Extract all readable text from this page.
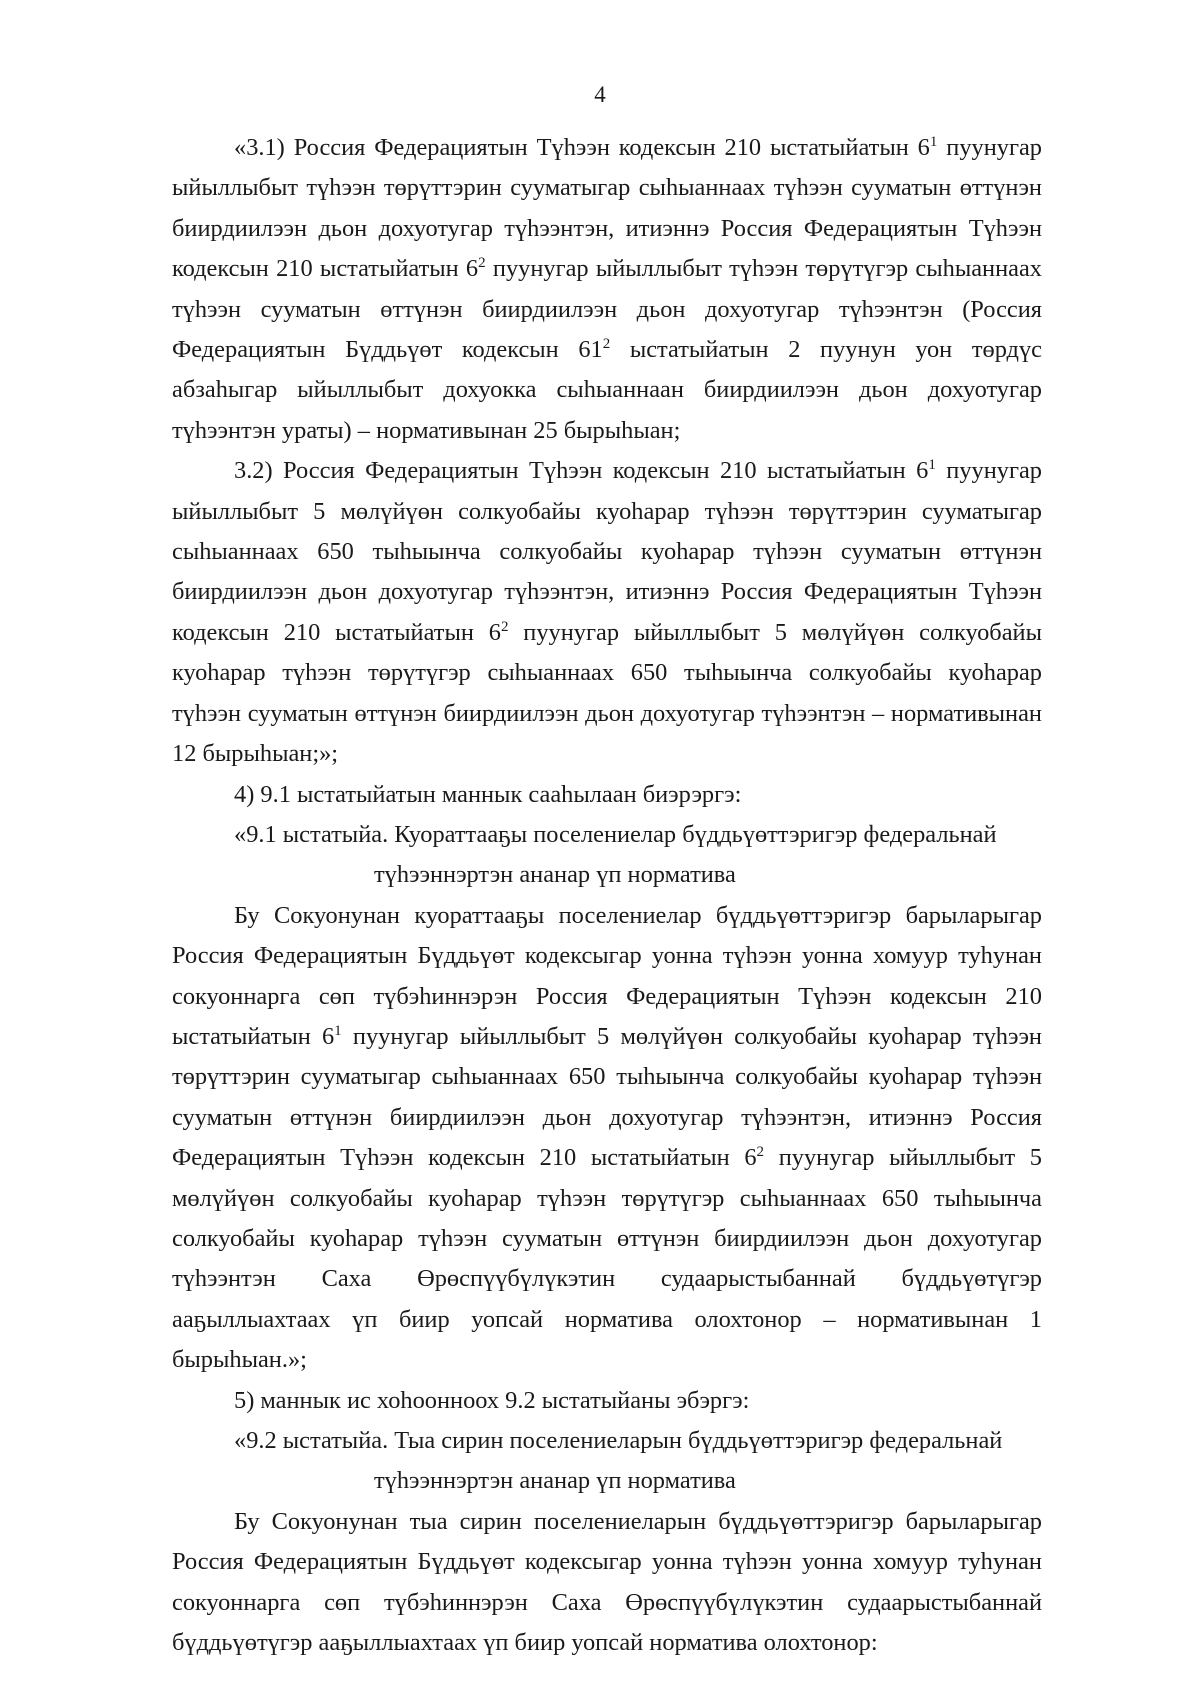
4

«3.1) Россия Федерациятын Түһээн кодексын 210 ыстатыйатын $6^1$ пуунугар ыйыллыбыт түһээн төрүттэрин сууматыгар сыһыаннаах түһээн сууматын өттүнэн биирдиилээн дьон дохуотугар түһээнтэн, итиэннэ Россия Федерациятын Түһээн кодексын 210 ыстатыйатын $6^2$ пуунугар ыйыллыбыт түһээн төрүтүгэр сыһыаннаах түһээн сууматын өттүнэн биирдиилээн дьон дохуотугар түһээнтэн (Россия Федерациятын Бүддьүөт кодексын $61^2$ ыстатыйатын 2 пуунун уон төрдүс абзаһыгар ыйыллыбыт дохуокка сыһыаннаан биирдиилээн дьон дохуотугар түһээнтэн ураты) – нормативынан 25 бырыһыан;

3.2) Россия Федерациятын Түһээн кодексын 210 ыстатыйатын $6^1$ пуунугар ыйыллыбыт 5 мөлүйүөн солкуобайы куоһарар түһээн төрүттэрин сууматыгар сыһыаннаах 650 тыһыынча солкуобайы куоһарар түһээн сууматын өттүнэн биирдиилээн дьон дохуотугар түһээнтэн, итиэннэ Россия Федерациятын Түһээн кодексын 210 ыстатыйатын $6^2$ пуунугар ыйыллыбыт 5 мөлүйүөн солкуобайы куоһарар түһээн төрүтүгэр сыһыаннаах 650 тыһыынча солкуобайы куоһарар түһээн сууматын өттүнэн биирдиилээн дьон дохуотугар түһээнтэн – нормативынан 12 бырыһыан;»;

4) 9.1 ыстатыйатын маннык сааһылаан биэрэргэ:

«9.1 ыстатыйа. Куораттааҕы поселениелар бүддьүөттэригэр федеральнай
түһээннэртэн ананар үп норматива

Бу Сокуонунан куораттааҕы поселениелар бүддьүөттэригэр барыларыгар Россия Федерациятын Бүддьүөт кодексыгар уонна түһээн уонна хомуур туһунан сокуоннарга сөп түбэһиннэрэн Россия Федерациятын Түһээн кодексын 210 ыстатыйатын $6^1$ пуунугар ыйыллыбыт 5 мөлүйүөн солкуобайы куоһарар түһээн төрүттэрин сууматыгар сыһыаннаах 650 тыһыынча солкуобайы куоһарар түһээн сууматын өттүнэн биирдиилээн дьон дохуотугар түһээнтэн, итиэннэ Россия Федерациятын Түһээн кодексын 210 ыстатыйатын $6^2$ пуунугар ыйыллыбыт 5 мөлүйүөн солкуобайы куоһарар түһээн төрүтүгэр сыһыаннаах 650 тыһыынча солкуобайы куоһарар түһээн сууматын өттүнэн биирдиилээн дьон дохуотугар түһээнтэн Саха Өрөспүүбүлүкэтин судаарыстыбаннай бүддьүөтүгэр ааҕыллыахтаах үп биир уопсай норматива олохтонор – нормативынан 1 бырыһыан.»;

5) маннык ис хоһоонноох 9.2 ыстатыйаны эбэргэ:

«9.2 ыстатыйа. Тыа сирин поселениеларын бүддьүөттэригэр федеральнай
түһээннэртэн ананар үп норматива

Бу Сокуонунан тыа сирин поселениеларын бүддьүөттэригэр барыларыгар Россия Федерациятын Бүддьүөт кодексыгар уонна түһээн уонна хомуур туһунан сокуоннарга сөп түбэһиннэрэн Саха Өрөспүүбүлүкэтин судаарыстыбаннай бүддьүөтүгэр ааҕыллыахтаах үп биир уопсай норматива олохтонор:
